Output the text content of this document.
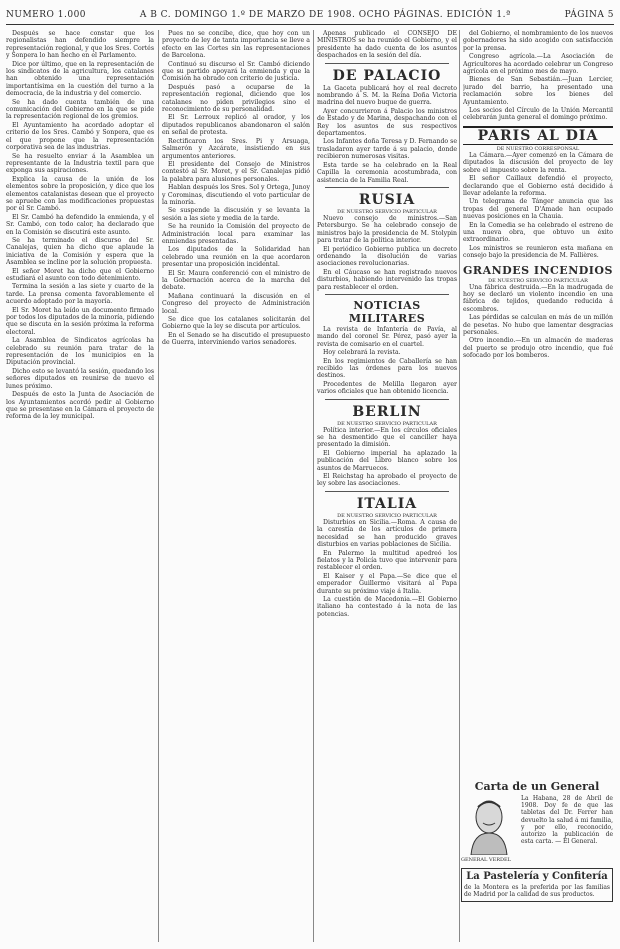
NUMERO 1.000	A B C. DOMINGO 1.º DE MARZO DE 1908. OCHO PÁGINAS. EDICIÓN 1.ª	PÁGINA 5

Después se hace constar que los regionalistas han defendido siempre la representación regional, y que los Sres. Cortés y Sonpera lo han hecho en el Parlamento.

Dice por último, que en la representación de los sindicatos de la agricultura, los catalanes han obtenido una representación importantísima en la cuestión del turno a la democracia, de la industria y del comercio.

Se ha dado cuenta también de una comunicación del Gobierno en la que se pide la representación regional de los gremios.

El Ayuntamiento ha acordado adoptar el criterio de los Sres. Cambó y Sonpera, que es el que propone que la representación corporativa sea de las industrias.

Se ha resuelto enviar á la Asamblea un representante de la Industria textil para que exponga sus aspiraciones.

Explica la causa de la unión de los elementos sobre la proposición, y dice que los elementos catalanistas desean que el proyecto se apruebe con las modificaciones propuestas por el Sr. Cambó.

El Sr. Cambó ha defendido la enmienda, y el Sr. Cambó, con todo calor, ha declarado que en la Comisión se discutirá este asunto.

Se ha terminado el discurso del Sr. Canalejas, quien ha dicho que aplaude la iniciativa de la Comisión y espera que la Asamblea se incline por la solución propuesta.

El señor Moret ha dicho que el Gobierno estudiará el asunto con todo detenimiento.

Termina la sesión a las siete y cuarto de la tarde. La prensa comenta favorablemente el acuerdo adoptado por la mayoría.

El Sr. Moret ha leído un documento firmado por todos los diputados de la minoría, pidiendo que se discuta en la sesión próxima la reforma electoral.

La Asamblea de Sindicatos agrícolas ha celebrado su reunión para tratar de la representación de los municipios en la Diputación provincial.

Dicho esto se levantó la sesión, quedando los señores diputados en reunirse de nuevo el lunes próximo.

Después de esto la Junta de Asociación de los Ayuntamientos acordó pedir al Gobierno que se presentase en la Cámara el proyecto de reforma de la ley municipal.

Pues no se concibe, dice, que hoy con un proyecto de ley de tanta importancia se lleve a efecto en las Cortes sin las representaciones de Barcelona.

Continuó su discurso el Sr. Cambó diciendo que su partido apoyará la enmienda y que la Comisión ha obrado con criterio de justicia.

Después pasó a ocuparse de la representación regional, diciendo que los catalanes no piden privilegios sino el reconocimiento de su personalidad.

El Sr. Lerroux replicó al orador, y los diputados republicanos abandonaron el salón en señal de protesta.

Rectificaron los Sres. Pi y Arsuaga, Salmerón y Azcárate, insistiendo en sus argumentos anteriores.

El presidente del Consejo de Ministros contestó al Sr. Moret, y el Sr. Canalejas pidió la palabra para alusiones personales.

Hablan después los Sres. Sol y Ortega, Junoy y Corominas, discutiendo el voto particular de la minoría.

Se suspende la discusión y se levanta la sesión a las siete y media de la tarde.

Se ha reunido la Comisión del proyecto de Administración local para examinar las enmiendas presentadas.

Los diputados de la Solidaridad han celebrado una reunión en la que acordaron presentar una proposición incidental.

El Sr. Maura conferenció con el ministro de la Gobernación acerca de la marcha del debate.

Mañana continuará la discusión en el Congreso del proyecto de Administración local.

Se dice que los catalanes solicitarán del Gobierno que la ley se discuta por artículos.

En el Senado se ha discutido el presupuesto de Guerra, interviniendo varios senadores.

Apenas publicado el CONSEJO DE MINISTROS se ha reunido el Gobierno, y el presidente ha dado cuenta de los asuntos despachados en la sesión del día.

DE PALACIO

La Gaceta publicará hoy el real decreto nombrando á S. M. la Reina Doña Victoria madrina del nuevo buque de guerra.

Ayer concurrieron á Palacio los ministros de Estado y de Marina, despachando con el Rey los asuntos de sus respectivos departamentos.

Los Infantes doña Teresa y D. Fernando se trasladaron ayer tarde á su palacio, donde recibieron numerosas visitas.

Esta tarde se ha celebrado en la Real Capilla la ceremonia acostumbrada, con asistencia de la Familia Real.

RUSIA
DE NUESTRO SERVICIO PARTICULAR

Nuevo consejo de ministros.—San Petersburgo. Se ha celebrado consejo de ministros bajo la presidencia de M. Stolypin para tratar de la política interior.

El periódico Gobierno publica un decreto ordenando la disolución de varias asociaciones revolucionarias.

En el Cáucaso se han registrado nuevos disturbios, habiendo intervenido las tropas para restablecer el orden.

NOTICIAS MILITARES

La revista de Infantería de Pavía, al mando del coronel Sr. Pérez, pasó ayer la revista de comisario en el cuartel.

Hoy celebrará la revista.

En los regimientos de Caballería se han recibido las órdenes para los nuevos destinos.

Procedentes de Melilla llegaron ayer varios oficiales que han obtenido licencia.

BERLIN
DE NUESTRO SERVICIO PARTICULAR

Política interior.—En los círculos oficiales se ha desmentido que el canciller haya presentado la dimisión.

El Gobierno imperial ha aplazado la publicación del Libro blanco sobre los asuntos de Marruecos.

El Reichstag ha aprobado el proyecto de ley sobre las asociaciones.

ITALIA
DE NUESTRO SERVICIO PARTICULAR

Disturbios en Sicilia.—Roma. A causa de la carestía de los artículos de primera necesidad se han producido graves disturbios en varias poblaciones de Sicilia.

En Palermo la multitud apedreó los fielatos y la Policía tuvo que intervenir para restablecer el orden.

El Kaiser y el Papa.—Se dice que el emperador Guillermo visitará al Papa durante su próximo viaje á Italia.

La cuestión de Macedonia.—El Gobierno italiano ha contestado á la nota de las potencias.

del Gobierno, el nombramiento de los nuevos gobernadores ha sido acogido con satisfacción por la prensa.

Congreso agrícola.—La Asociación de Agricultores ha acordado celebrar un Congreso agrícola en el próximo mes de mayo.

Bienes de San Sebastián.—Juan Lercier, jurado del barrio, ha presentado una reclamación sobre los bienes del Ayuntamiento.

Los socios del Círculo de la Unión Mercantil celebrarán junta general el domingo próximo.

PARIS AL DIA
DE NUESTRO CORRESPONSAL

La Cámara.—Ayer comenzó en la Cámara de diputados la discusión del proyecto de ley sobre el impuesto sobre la renta.

El señor Caillaux defendió el proyecto, declarando que el Gobierno está decidido á llevar adelante la reforma.

Un telegrama de Tánger anuncia que las tropas del general D'Amade han ocupado nuevas posiciones en la Chauia.

En la Comedia se ha celebrado el estreno de una nueva obra, que obtuvo un éxito extraordinario.

Los ministros se reunieron esta mañana en consejo bajo la presidencia de M. Fallières.

GRANDES INCENDIOS
DE NUESTRO SERVICIO PARTICULAR

Una fábrica destruida.—En la madrugada de hoy se declaró un violento incendio en una fábrica de tejidos, quedando reducida á escombros.

Las pérdidas se calculan en más de un millón de pesetas. No hubo que lamentar desgracias personales.

Otro incendio.—En un almacén de maderas del puerto se produjo otro incendio, que fué sofocado por los bomberos.

Carta de un General
La Habana, 28 de Abril de 1908. Doy fe de que las tabletas del Dr. Ferrer han devuelto la salud á mi familia, y por ello, reconocido, autorizo la publicación de esta carta. — El General.
GENERAL VERDEL
La Pastelería y Confitería
de la Montera es la preferida por las familias de Madrid por la calidad de sus productos.
